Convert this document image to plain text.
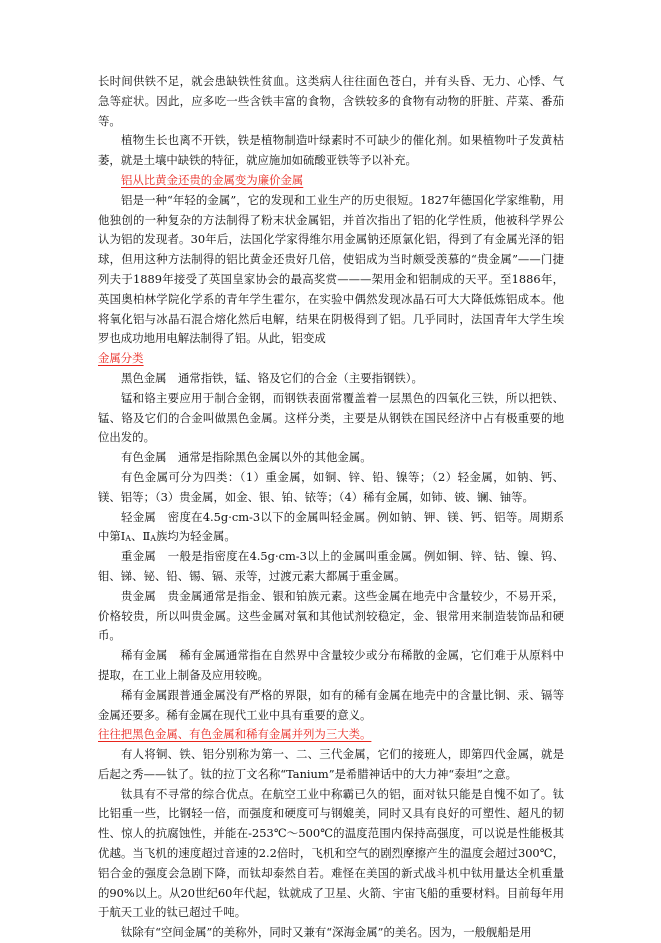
长时间供铁不足，就会患缺铁性贫血。这类病人往往面色苍白，并有头昏、无力、心悸、气急等症状。因此，应多吃一些含铁丰富的食物，含铁较多的食物有动物的肝脏、芹菜、番茄等。

植物生长也离不开铁，铁是植物制造叶绿素时不可缺少的催化剂。如果植物叶子发黄枯萎，就是土壤中缺铁的特征，就应施加如硫酸亚铁等予以补充。

铝从比黄金还贵的金属变为廉价金属

铝是一种“年轻的金属”，它的发现和工业生产的历史很短。1827年德国化学家维勒，用他独创的一种复杂的方法制得了粉末状金属铝，并首次指出了铝的化学性质，他被科学界公认为铝的发现者。30年后，法国化学家得维尔用金属钠还原氯化铝，得到了有金属光泽的铝球，但用这种方法制得的铝比黄金还贵好几倍，使铝成为当时颇受羡慕的“贵金属”——门捷列夫于1889年接受了英国皇家协会的最高奖赏———架用金和铝制成的天平。至1886年，英国奥柏林学院化学系的青年学生霍尔，在实验中偶然发现冰晶石可大大降低炼铝成本。他将氧化铝与冰晶石混合熔化然后电解，结果在阴极得到了铝。几乎同时，法国青年大学生埃罗也成功地用电解法制得了铝。从此，铝变成

金属分类

黑色金属　通常指铁，锰、铬及它们的合金（主要指钢铁）。

锰和铬主要应用于制合金钢，而钢铁表面常覆盖着一层黑色的四氧化三铁，所以把铁、锰、铬及它们的合金叫做黑色金属。这样分类，主要是从钢铁在国民经济中占有极重要的地位出发的。

有色金属　通常是指除黑色金属以外的其他金属。

有色金属可分为四类：（1）重金属，如铜、锌、铅、镍等；（2）轻金属，如钠、钙、镁、铝等；（3）贵金属，如金、银、铂、铱等；（4）稀有金属，如铈、铍、镧、铀等。

轻金属　密度在4.5g·cm-3以下的金属叫轻金属。例如钠、钾、镁、钙、铝等。周期系中第$Ⅰ_A$、$Ⅱ_A$族均为轻金属。

重金属　一般是指密度在4.5g·cm-3以上的金属叫重金属。例如铜、锌、钴、镍、钨、钼、锑、铋、铅、锡、镉、汞等，过渡元素大都属于重金属。

贵金属　贵金属通常是指金、银和铂族元素。这些金属在地壳中含量较少，不易开采，价格较贵，所以叫贵金属。这些金属对氧和其他试剂较稳定，金、银常用来制造装饰品和硬币。

稀有金属　稀有金属通常指在自然界中含量较少或分布稀散的金属，它们难于从原料中提取，在工业上制备及应用较晚。

稀有金属跟普通金属没有严格的界限，如有的稀有金属在地壳中的含量比铜、汞、镉等金属还要多。稀有金属在现代工业中具有重要的意义。

往往把黑色金属、有色金属和稀有金属并列为三大类。

有人将铜、铁、铝分别称为第一、二、三代金属，它们的接班人，即第四代金属，就是后起之秀——钛了。钛的拉丁文名称“Tanium”是希腊神话中的大力神“泰坦”之意。

钛具有不寻常的综合优点。在航空工业中称霸已久的铝，面对钛只能是自愧不如了。钛比铝重一些，比钢轻一倍，而强度和硬度可与钢媲美，同时又具有良好的可塑性、超凡的韧性、惊人的抗腐蚀性，并能在-253℃～500℃的温度范围内保持高强度，可以说是性能极其优越。当飞机的速度超过音速的2.2倍时，飞机和空气的剧烈摩擦产生的温度会超过300℃，铝合金的强度会急剧下降，而钛却泰然自若。难怪在美国的新式战斗机中钛用量达全机重量的90%以上。从20世纪60年代起，钛就成了卫星、火箭、宇宙飞船的重要材料。目前每年用于航天工业的钛已超过千吨。

钛除有“空间金属”的美称外，同时又兼有“深海金属”的美名。因为，一般舰船是用
